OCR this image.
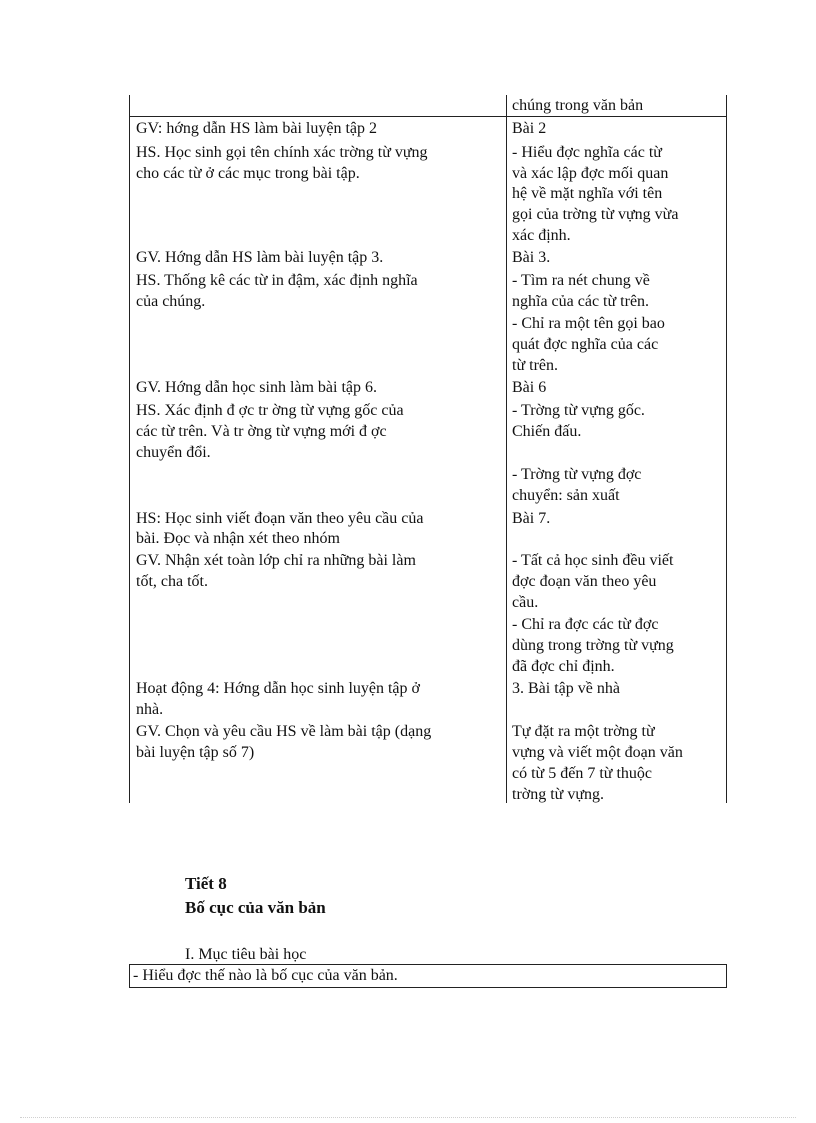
chúng trong văn bản
GV: hớng dẫn HS làm bài luyện tập 2
HS. Học sinh gọi tên chính xác trờng từ vựng
cho các từ ở các mục trong bài tập.
Bài 2
- Hiểu đợc nghĩa các từ
và xác lập đợc mối quan
hệ về mặt nghĩa với tên
gọi của trờng từ vựng vừa
xác định.
GV. Hớng dẫn HS làm bài luyện tập 3.
HS. Thống kê các từ in đậm, xác định nghĩa
của chúng.
Bài 3.
- Tìm ra nét chung về
nghĩa của các từ trên.
- Chỉ ra một tên gọi bao
quát đợc nghĩa của các
từ trên.
GV. Hớng dẫn học sinh làm bài tập 6.
HS. Xác định đ ợc tr ờng từ vựng gốc của
các từ trên. Và tr ờng từ vựng mới đ ợc
chuyển đổi.
Bài 6
- Trờng từ vựng gốc.
Chiến đấu.
- Trờng từ vựng đợc
chuyển: sản xuất
HS: Học sinh viết đoạn văn theo yêu cầu của
bài. Đọc và nhận xét theo nhóm
GV. Nhận xét toàn lớp chỉ ra những bài làm
tốt, cha tốt.
Bài 7.
- Tất cả học sinh đều viết
đợc đoạn văn theo yêu
cầu.
- Chỉ ra đợc các từ đợc
dùng trong trờng từ vựng
đã đợc chỉ định.
Hoạt động 4: Hớng dẫn học sinh luyện tập ở
nhà.
GV. Chọn và yêu cầu HS về làm bài tập (dạng
bài luyện tập số 7)
3. Bài tập về nhà
Tự đặt ra một trờng từ
vựng và viết một đoạn văn
có từ 5 đến 7 từ thuộc
trờng từ vựng.
Tiết 8
Bố cục của văn bản
I. Mục tiêu bài học
- Hiểu đợc thế nào là bố cục của văn bản.
